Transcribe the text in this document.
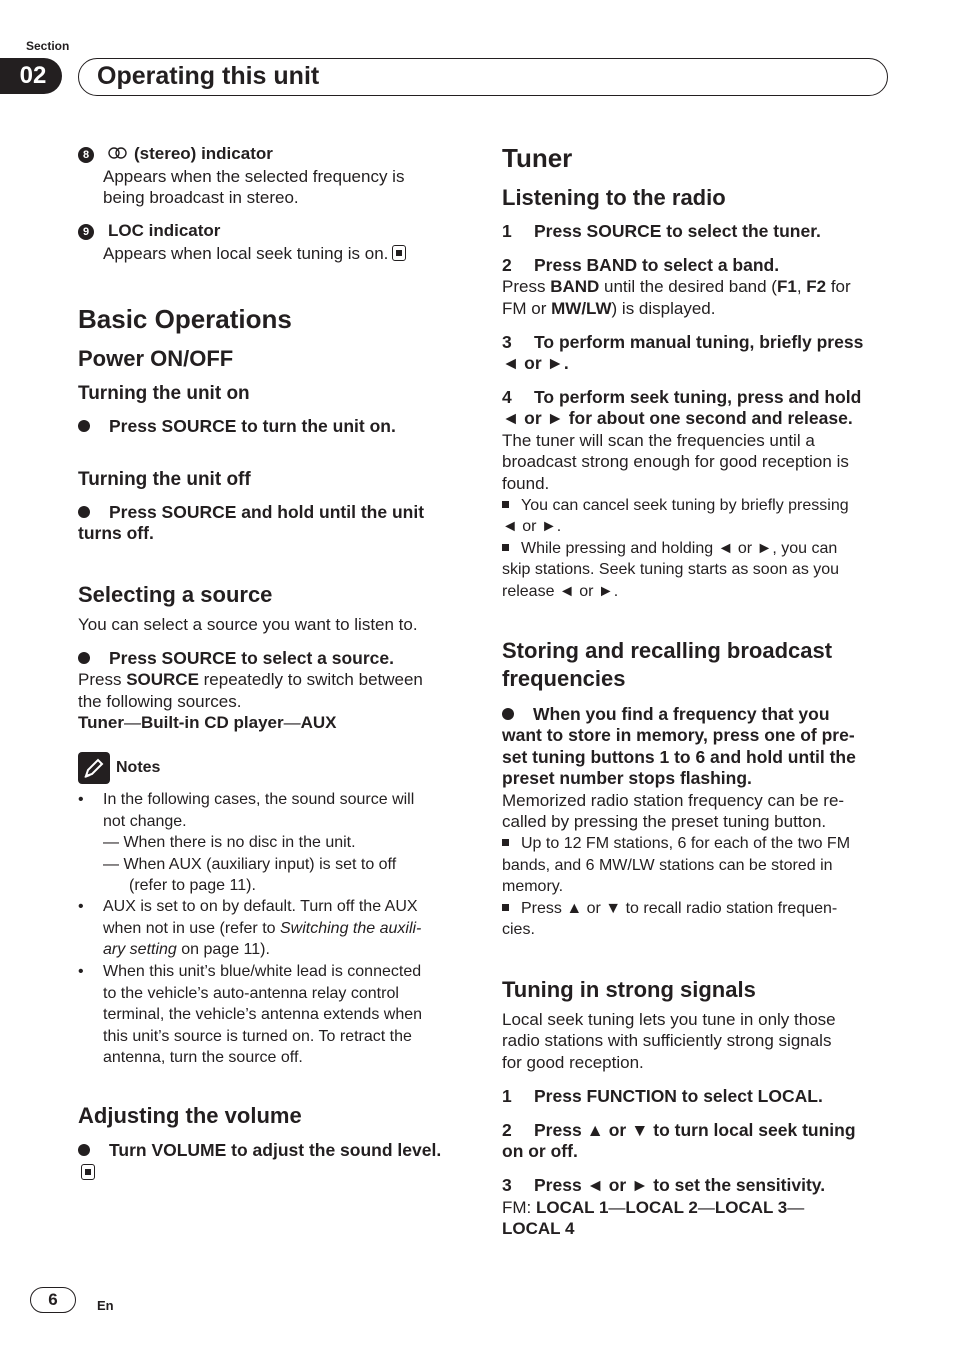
Section
02	Operating this unit

8	(stereo) indicator

Appears when the selected frequency is

being broadcast in stereo.

9 LOC indicator

Appears when local seek tuning is on.

Basic Operations
Power ON/OFF
Turning the unit on

Press SOURCE to turn the unit on.

Turning the unit off

Press SOURCE and hold until the unit

turns off.

Selecting a source

You can select a source you want to listen to.

Press SOURCE to select a source.

Press SOURCE repeatedly to switch between

the following sources.

Tuner—Built-in CD player—AUX

Notes

• In the following cases, the sound source will
not change.
— When there is no disc in the unit.
— When AUX (auxiliary input) is set to off
(refer to page 11).
• AUX is set to on by default. Turn off the AUX
when not in use (refer to Switching the auxili-
ary setting on page 11).
• When this unit’s blue/white lead is connected
to the vehicle’s auto-antenna relay control
terminal, the vehicle’s antenna extends when
this unit’s source is turned on. To retract the
antenna, turn the source off.
Adjusting the volume

Turn VOLUME to adjust the sound level.

Tuner
Listening to the radio

1 Press SOURCE to select the tuner.

2 Press BAND to select a band.

Press BAND until the desired band (F1, F2 for

FM or MW/LW) is displayed.

3 To perform manual tuning, briefly press

◄ or ►.

4 To perform seek tuning, press and hold

◄ or ► for about one second and release.

The tuner will scan the frequencies until a

broadcast strong enough for good reception is

found.

You can cancel seek tuning by briefly pressing

◄ or ►.

While pressing and holding ◄ or ►, you can

skip stations. Seek tuning starts as soon as you

release ◄ or ►.

Storing and recalling broadcast
frequencies

When you find a frequency that you

want to store in memory, press one of pre-

set tuning buttons 1 to 6 and hold until the

preset number stops flashing.

Memorized radio station frequency can be re-

called by pressing the preset tuning button.

Up to 12 FM stations, 6 for each of the two FM

bands, and 6 MW/LW stations can be stored in

memory.

Press ▲ or ▼ to recall radio station frequen-

cies.

Tuning in strong signals

Local seek tuning lets you tune in only those

radio stations with sufficiently strong signals

for good reception.

1 Press FUNCTION to select LOCAL.

2 Press ▲ or ▼ to turn local seek tuning

on or off.

3 Press ◄ or ► to set the sensitivity.

FM: LOCAL 1—LOCAL 2—LOCAL 3—

LOCAL 4

6	En
